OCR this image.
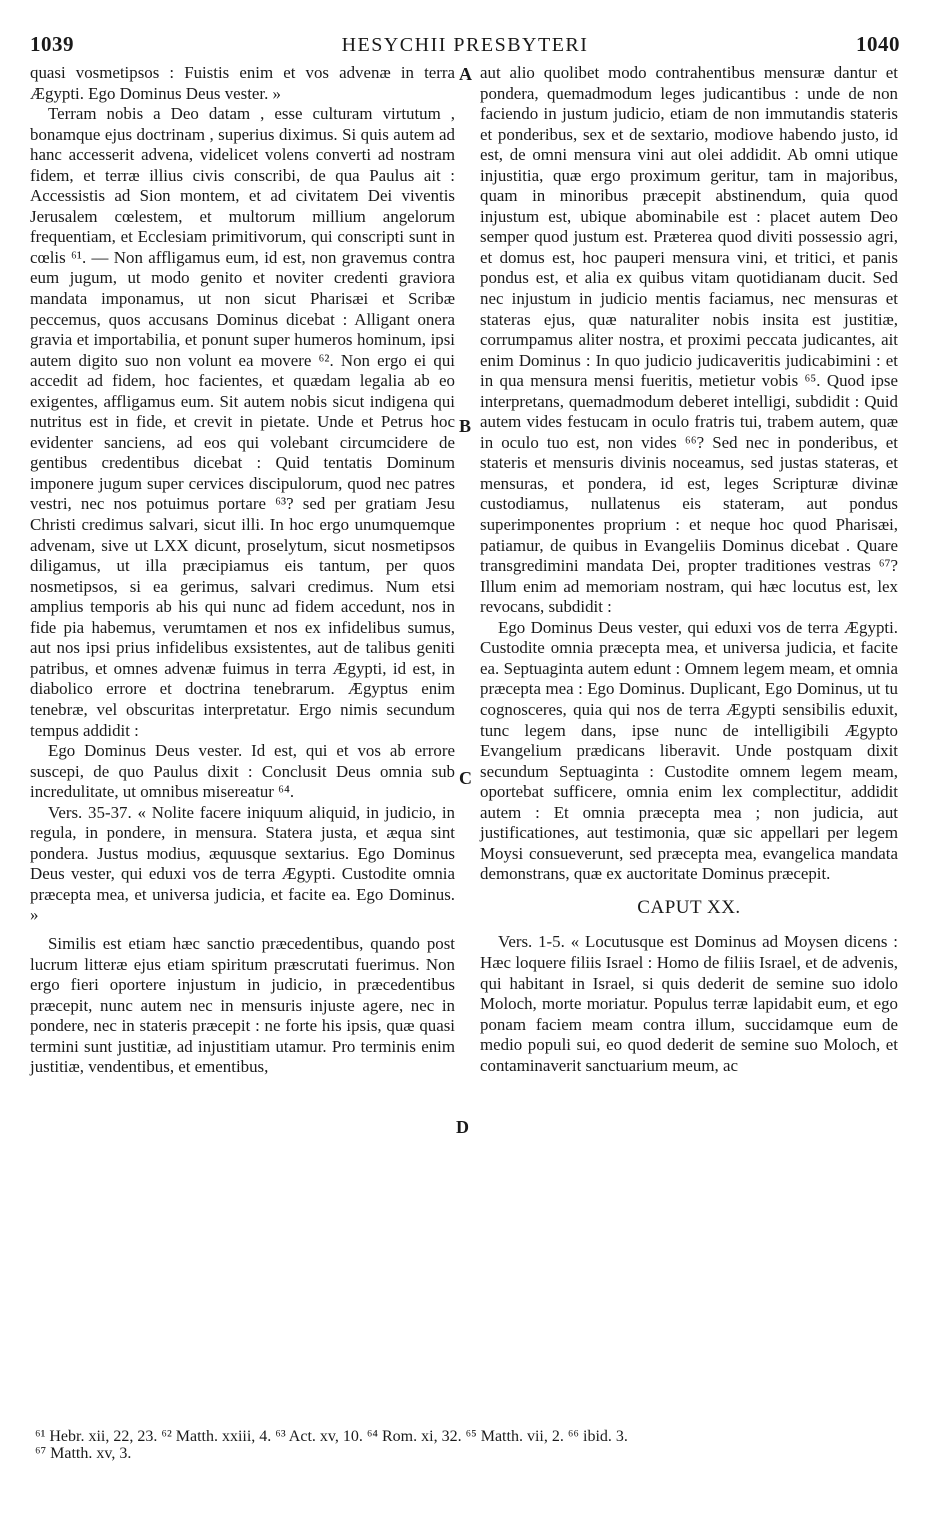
1039	HESYCHII PRESBYTERI	1040

quasi vosmetipsos : Fuistis enim et vos advenæ in terra Ægypti. Ego Dominus Deus vester. »

Terram nobis a Deo datam , esse culturam virtutum , bonamque ejus doctrinam , superius diximus. Si quis autem ad hanc accesserit advena, videlicet volens converti ad nostram fidem, et terræ illius civis conscribi, de qua Paulus ait : Accessistis ad Sion montem, et ad civitatem Dei viventis Jerusalem cœlestem, et multorum millium angelorum frequentiam, et Ecclesiam primitivorum, qui conscripti sunt in cœlis ⁶¹. — Non affligamus eum, id est, non gravemus contra eum jugum, ut modo genito et noviter credenti graviora mandata imponamus, ut non sicut Pharisæi et Scribæ peccemus, quos accusans Dominus dicebat : Alligant onera gravia et importabilia, et ponunt super humeros hominum, ipsi autem digito suo non volunt ea movere ⁶². Non ergo ei qui accedit ad fidem, hoc facientes, et quædam legalia ab eo exigentes, affligamus eum. Sit autem nobis sicut indigena qui nutritus est in fide, et crevit in pietate. Unde et Petrus hoc evidenter sanciens, ad eos qui volebant circumcidere de gentibus credentibus dicebat : Quid tentatis Dominum imponere jugum super cervices discipulorum, quod nec patres vestri, nec nos potuimus portare ⁶³? sed per gratiam Jesu Christi credimus salvari, sicut illi. In hoc ergo unumquemque advenam, sive ut LXX dicunt, proselytum, sicut nosmetipsos diligamus, ut illa præcipiamus eis tantum, per quos nosmetipsos, si ea gerimus, salvari credimus. Num etsi amplius temporis ab his qui nunc ad fidem accedunt, nos in fide pia habemus, verumtamen et nos ex infidelibus sumus, aut nos ipsi prius infidelibus exsistentes, aut de talibus geniti patribus, et omnes advenæ fuimus in terra Ægypti, id est, in diabolico errore et doctrina tenebrarum. Ægyptus enim tenebræ, vel obscuritas interpretatur. Ergo nimis secundum tempus addidit :

Ego Dominus Deus vester. Id est, qui et vos ab errore suscepi, de quo Paulus dixit : Conclusit Deus omnia sub incredulitate, ut omnibus misereatur ⁶⁴.

Vers. 35-37. « Nolite facere iniquum aliquid, in judicio, in regula, in pondere, in mensura. Statera justa, et æqua sint pondera. Justus modius, æquusque sextarius. Ego Dominus Deus vester, qui eduxi vos de terra Ægypti. Custodite omnia præcepta mea, et universa judicia, et facite ea. Ego Dominus. »

Similis est etiam hæc sanctio præcedentibus, quando post lucrum litteræ ejus etiam spiritum præscrutati fuerimus. Non ergo fieri oportere injustum in judicio, in præcedentibus præcepit, nunc autem nec in mensuris injuste agere, nec in pondere, nec in stateris præcepit : ne forte his ipsis, quæ quasi termini sunt justitiæ, ad injustitiam utamur. Pro terminis enim justitiæ, vendentibus, et ementibus,

A
B
C
D

aut alio quolibet modo contrahentibus mensuræ dantur et pondera, quemadmodum leges judicantibus : unde de non faciendo in justum judicio, etiam de non immutandis stateris et ponderibus, sex et de sextario, modiove habendo justo, id est, de omni mensura vini aut olei addidit. Ab omni utique injustitia, quæ ergo proximum geritur, tam in majoribus, quam in minoribus præcepit abstinendum, quia quod injustum est, ubique abominabile est : placet autem Deo semper quod justum est. Præterea quod diviti possessio agri, et domus est, hoc pauperi mensura vini, et tritici, et panis pondus est, et alia ex quibus vitam quotidianam ducit. Sed nec injustum in judicio mentis faciamus, nec mensuras et stateras ejus, quæ naturaliter nobis insita est justitiæ, corrumpamus aliter nostra, et proximi peccata judicantes, ait enim Dominus : In quo judicio judicaveritis judicabimini : et in qua mensura mensi fueritis, metietur vobis ⁶⁵. Quod ipse interpretans, quemadmodum deberet intelligi, subdidit : Quid autem vides festucam in oculo fratris tui, trabem autem, quæ in oculo tuo est, non vides ⁶⁶? Sed nec in ponderibus, et stateris et mensuris divinis noceamus, sed justas stateras, et mensuras, et pondera, id est, leges Scripturæ divinæ custodiamus, nullatenus eis stateram, aut pondus superimponentes proprium : et neque hoc quod Pharisæi, patiamur, de quibus in Evangeliis Dominus dicebat . Quare transgredimini mandata Dei, propter traditiones vestras ⁶⁷? Illum enim ad memoriam nostram, qui hæc locutus est, lex revocans, subdidit :

Ego Dominus Deus vester, qui eduxi vos de terra Ægypti. Custodite omnia præcepta mea, et universa judicia, et facite ea. Septuaginta autem edunt : Omnem legem meam, et omnia præcepta mea : Ego Dominus. Duplicant, Ego Dominus, ut tu cognosceres, quia qui nos de terra Ægypti sensibilis eduxit, tunc legem dans, ipse nunc de intelligibili Ægypto Evangelium prædicans liberavit. Unde postquam dixit secundum Septuaginta : Custodite omnem legem meam, oportebat sufficere, omnia enim lex complectitur, addidit autem : Et omnia præcepta mea ; non judicia, aut justificationes, aut testimonia, quæ sic appellari per legem Moysi consueverunt, sed præcepta mea, evangelica mandata demonstrans, quæ ex auctoritate Dominus præcepit.

CAPUT XX.

Vers. 1-5. « Locutusque est Dominus ad Moysen dicens : Hæc loquere filiis Israel : Homo de filiis Israel, et de advenis, qui habitant in Israel, si quis dederit de semine suo idolo Moloch, morte moriatur. Populus terræ lapidabit eum, et ego ponam faciem meam contra illum, succidamque eum de medio populi sui, eo quod dederit de semine suo Moloch, et contaminaverit sanctuarium meum, ac

⁶¹ Hebr. xii, 22, 23. ⁶² Matth. xxiii, 4. ⁶³ Act. xv, 10. ⁶⁴ Rom. xi, 32. ⁶⁵ Matth. vii, 2. ⁶⁶ ibid. 3.

⁶⁷ Matth. xv, 3.
